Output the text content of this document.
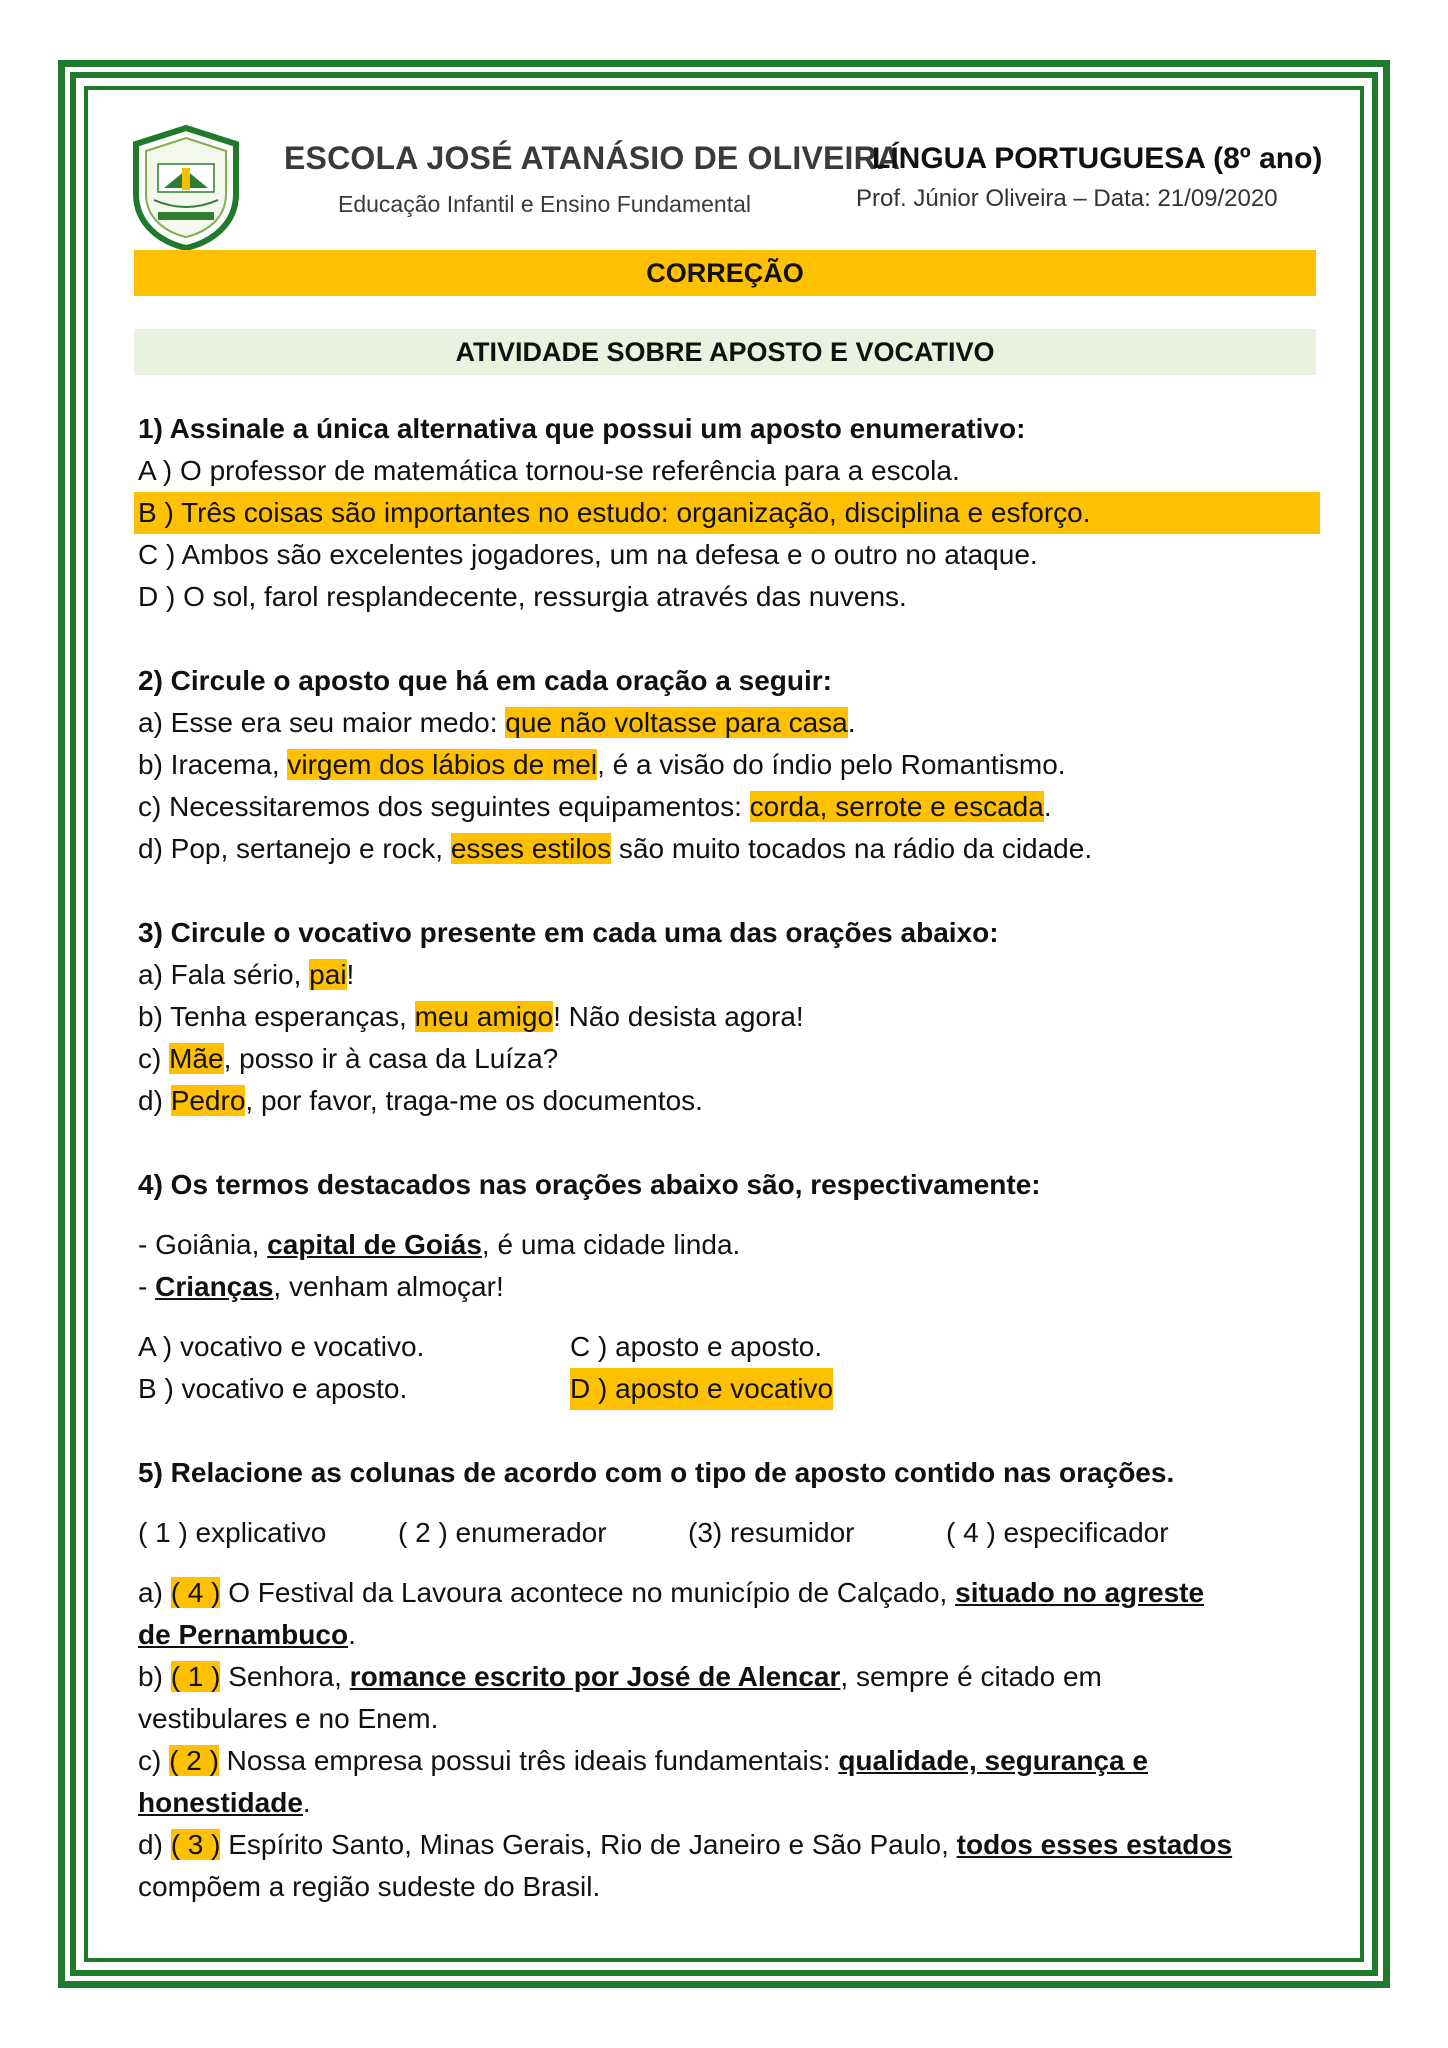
ESCOLA JOSÉ ATANÁSIO DE OLIVEIRA
Educação Infantil e Ensino Fundamental
LÍNGUA PORTUGUESA (8º ano)
Prof. Júnior Oliveira – Data: 21/09/2020
CORREÇÃO
ATIVIDADE SOBRE APOSTO E VOCATIVO
1) Assinale a única alternativa que possui um aposto enumerativo:
A ) O professor de matemática tornou-se referência para a escola.
B ) Três coisas são importantes no estudo: organização, disciplina e esforço.
C ) Ambos são excelentes jogadores, um na defesa e o outro no ataque.
D ) O sol, farol resplandecente, ressurgia através das nuvens.
2) Circule o aposto que há em cada oração a seguir:
a) Esse era seu maior medo: que não voltasse para casa.
b) Iracema, virgem dos lábios de mel, é a visão do índio pelo Romantismo.
c) Necessitaremos dos seguintes equipamentos: corda, serrote e escada.
d) Pop, sertanejo e rock, esses estilos são muito tocados na rádio da cidade.
3) Circule o vocativo presente em cada uma das orações abaixo:
a) Fala sério, pai!
b) Tenha esperanças, meu amigo! Não desista agora!
c) Mãe, posso ir à casa da Luíza?
d) Pedro, por favor, traga-me os documentos.
4) Os termos destacados nas orações abaixo são, respectivamente:
- Goiânia, capital de Goiás, é uma cidade linda.
- Crianças, venham almoçar!
A ) vocativo e vocativo.	C ) aposto e aposto.
B ) vocativo e aposto.	D ) aposto e vocativo
5) Relacione as colunas de acordo com o tipo de aposto contido nas orações.
( 1 ) explicativo	( 2 ) enumerador	(3) resumidor	( 4 ) especificador
a) ( 4 ) O Festival da Lavoura acontece no município de Calçado, situado no agreste
de Pernambuco.
b) ( 1 ) Senhora, romance escrito por José de Alencar, sempre é citado em
vestibulares e no Enem.
c) ( 2 ) Nossa empresa possui três ideais fundamentais: qualidade, segurança e
honestidade.
d) ( 3 ) Espírito Santo, Minas Gerais, Rio de Janeiro e São Paulo, todos esses estados
compõem a região sudeste do Brasil.
